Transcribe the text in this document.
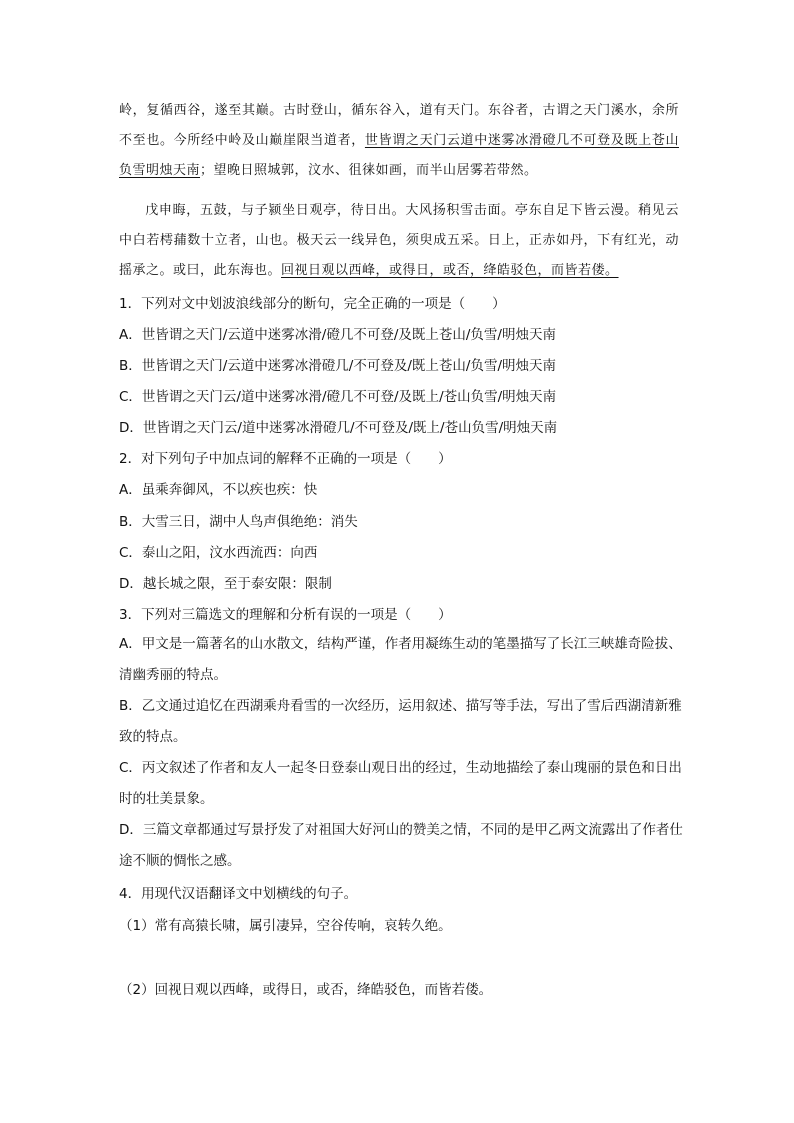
岭，复循西谷，遂至其巅。古时登山，循东谷入，道有天门。东谷者，古谓之天门溪水，余所不至也。今所经中岭及山巅崖限当道者，世皆谓之天门云道中迷雾冰滑磴几不可登及既上苍山负雪明烛天南；望晚日照城郭，汶水、徂徕如画，而半山居雾若带然。
戊申晦，五鼓，与子颍坐日观亭，待日出。大风扬积雪击面。亭东自足下皆云漫。稍见云中白若樗蒱数十立者，山也。极天云一线异色，须臾成五采。日上，正赤如丹，下有红光，动摇承之。或曰，此东海也。回视日观以西峰，或得日，或否，绛皓驳色，而皆若偻。
1．下列对文中划波浪线部分的断句，完全正确的一项是（　　）
A．世皆谓之天门/云道中迷雾冰滑/磴几不可登/及既上苍山/负雪/明烛天南
B．世皆谓之天门/云道中迷雾冰滑磴几/不可登及/既上苍山/负雪/明烛天南
C．世皆谓之天门云/道中迷雾冰滑/磴几不可登/及既上/苍山负雪/明烛天南
D．世皆谓之天门云/道中迷雾冰滑磴几/不可登及/既上/苍山负雪/明烛天南
2．对下列句子中加点词的解释不正确的一项是（　　）
A．虽乘奔御风，不以疾也疾：快
B．大雪三日，湖中人鸟声俱绝绝：消失
C．泰山之阳，汶水西流西：向西
D．越长城之限，至于泰安限：限制
3．下列对三篇选文的理解和分析有误的一项是（　　）
A．甲文是一篇著名的山水散文，结构严谨，作者用凝练生动的笔墨描写了长江三峡雄奇险拔、清幽秀丽的特点。
B．乙文通过追忆在西湖乘舟看雪的一次经历，运用叙述、描写等手法，写出了雪后西湖清新雅致的特点。
C．丙文叙述了作者和友人一起冬日登泰山观日出的经过，生动地描绘了泰山瑰丽的景色和日出时的壮美景象。
D．三篇文章都通过写景抒发了对祖国大好河山的赞美之情，不同的是甲乙两文流露出了作者仕途不顺的惆怅之感。
4．用现代汉语翻译文中划横线的句子。
（1）常有高猿长啸，属引凄异，空谷传响，哀转久绝。
（2）回视日观以西峰，或得日，或否，绛皓驳色，而皆若偻。
